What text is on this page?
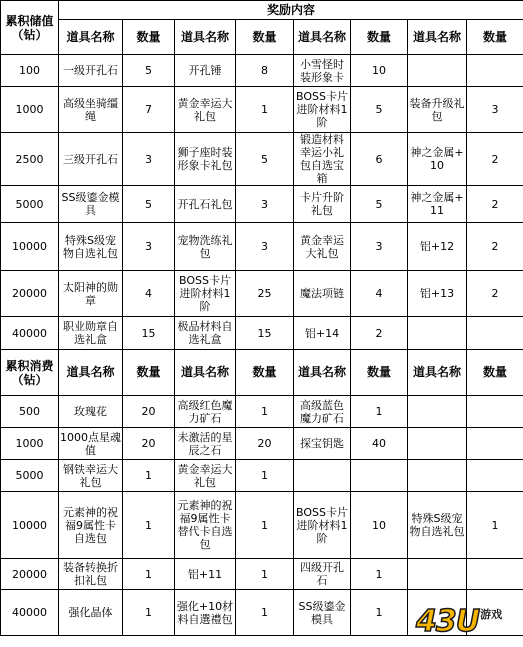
累积储值（钻）	奖励内容							
	道具名称	数量	道具名称	数量	道具名称	数量	道具名称	数量
100	一级开孔石	5	开孔锤	8	小雪怪时装形象卡	10		
1000	高级坐骑缰绳	7	黄金幸运大礼包	1	BOSS卡片进阶材料1阶	5	装备升级礼包	3
2500	三级开孔石	3	狮子座时装形象卡礼包	5	锻造材料幸运小礼包自选宝箱	6	神之金属+10	2
5000	SS级鎏金模具	5	开孔石礼包	3	卡片升阶礼包	5	神之金属+11	2
10000	特殊S级宠物自选礼包	3	宠物洗练礼包	3	黄金幸运大礼包	3	铝+12	2
20000	太阳神的勋章	4	BOSS卡片进阶材料1阶	25	魔法项链	4	铝+13	2
40000	职业勋章自选礼盒	15	极品材料自选礼盒	15	铝+14	2		
累积消费（钻）	道具名称	数量	道具名称	数量	道具名称	数量	道具名称	数量
500	玫瑰花	20	高级红色魔力矿石	1	高级蓝色魔力矿石	1		
1000	1000点星魂值	20	未激活的星辰之石	20	探宝钥匙	40		
5000	钢铁幸运大礼包	1	黄金幸运大礼包	1				
10000	元素神的祝福9属性卡自选包	1	元素神的祝福9属性卡替代卡自选包	1	BOSS卡片进阶材料1阶	10	特殊S级宠物自选礼包	1
20000	装备转换折扣礼包	1	铝+11	1	四级开孔石	1		
40000	强化晶体	1	强化+10材料自選禮包	1	SS级鎏金模具	1		43U 游戏
